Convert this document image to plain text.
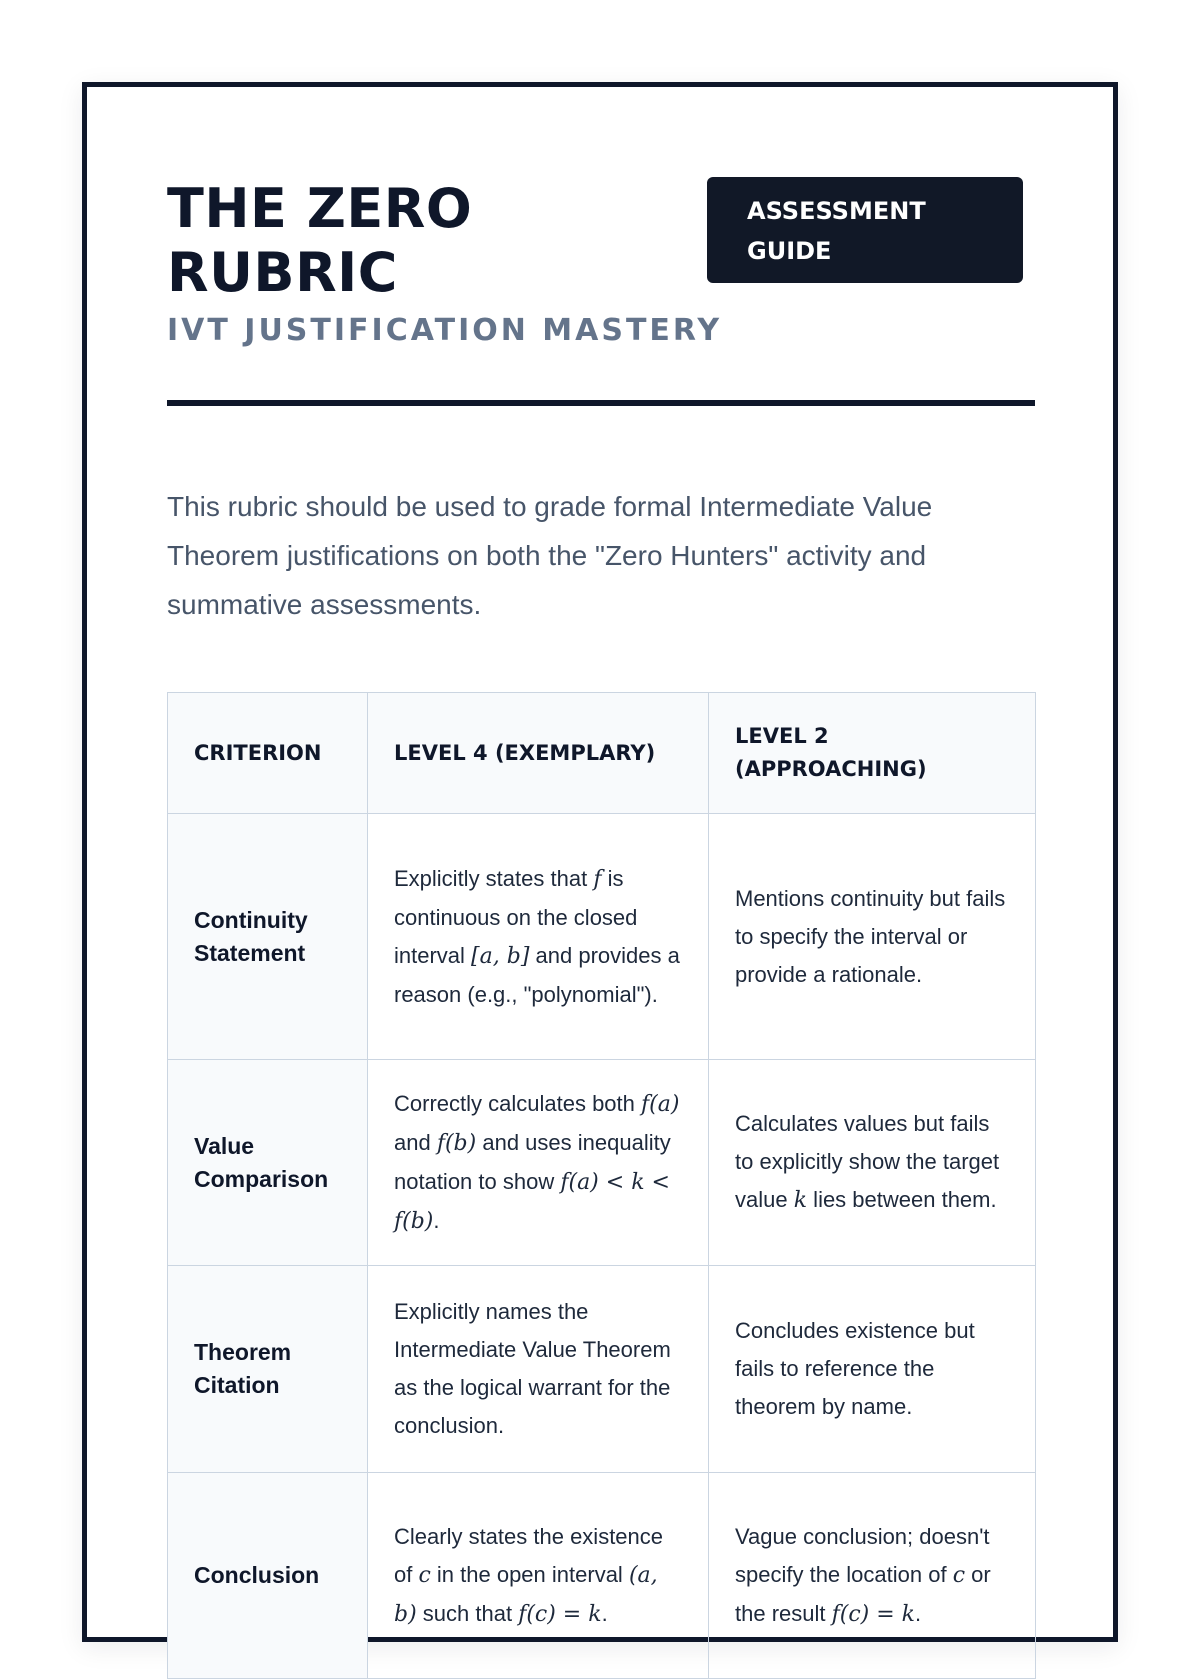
THE ZERO RUBRIC
IVT JUSTIFICATION MASTERY
ASSESSMENT GUIDE

This rubric should be used to grade formal Intermediate Value Theorem justifications on both the "Zero Hunters" activity and summative assessments.

CRITERION	LEVEL 4 (EXEMPLARY)	LEVEL 2 (APPROACHING)
Continuity Statement	Explicitly states that f is continuous on the closed interval [a, b] and provides a reason (e.g., "polynomial").	Mentions continuity but fails to specify the interval or provide a rationale.
Value Comparison	Correctly calculates both f(a) and f(b) and uses inequality notation to show f(a) < k < f(b).	Calculates values but fails to explicitly show the target value k lies between them.
Theorem Citation	Explicitly names the Intermediate Value Theorem as the logical warrant for the conclusion.	Concludes existence but fails to reference the theorem by name.
Conclusion	Clearly states the existence of c in the open interval (a, b) such that f(c) = k.	Vague conclusion; doesn't specify the location of c or the result f(c) = k.
